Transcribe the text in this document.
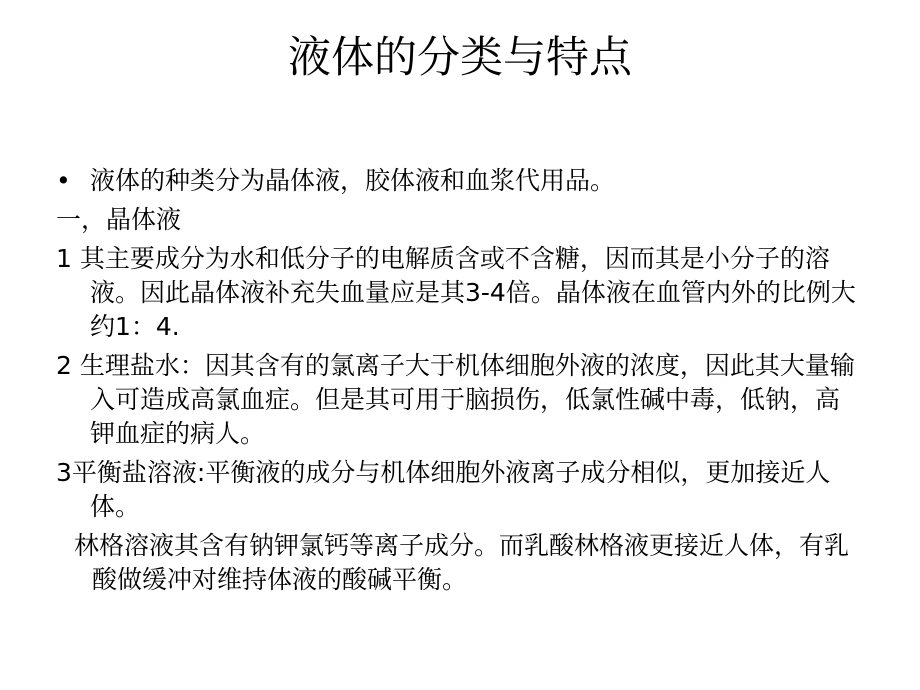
液体的分类与特点

• 液体的种类分为晶体液，胶体液和血浆代用品。

一，晶体液

1 其主要成分为水和低分子的电解质含或不含糖，因而其是小分子的溶液。因此晶体液补充失血量应是其3-4倍。晶体液在血管内外的比例大约1：4.

2 生理盐水：因其含有的氯离子大于机体细胞外液的浓度，因此其大量输入可造成高氯血症。但是其可用于脑损伤，低氯性碱中毒，低钠，高钾血症的病人。

3平衡盐溶液:平衡液的成分与机体细胞外液离子成分相似，更加接近人体。

林格溶液其含有钠钾氯钙等离子成分。而乳酸林格液更接近人体，有乳酸做缓冲对维持体液的酸碱平衡。
